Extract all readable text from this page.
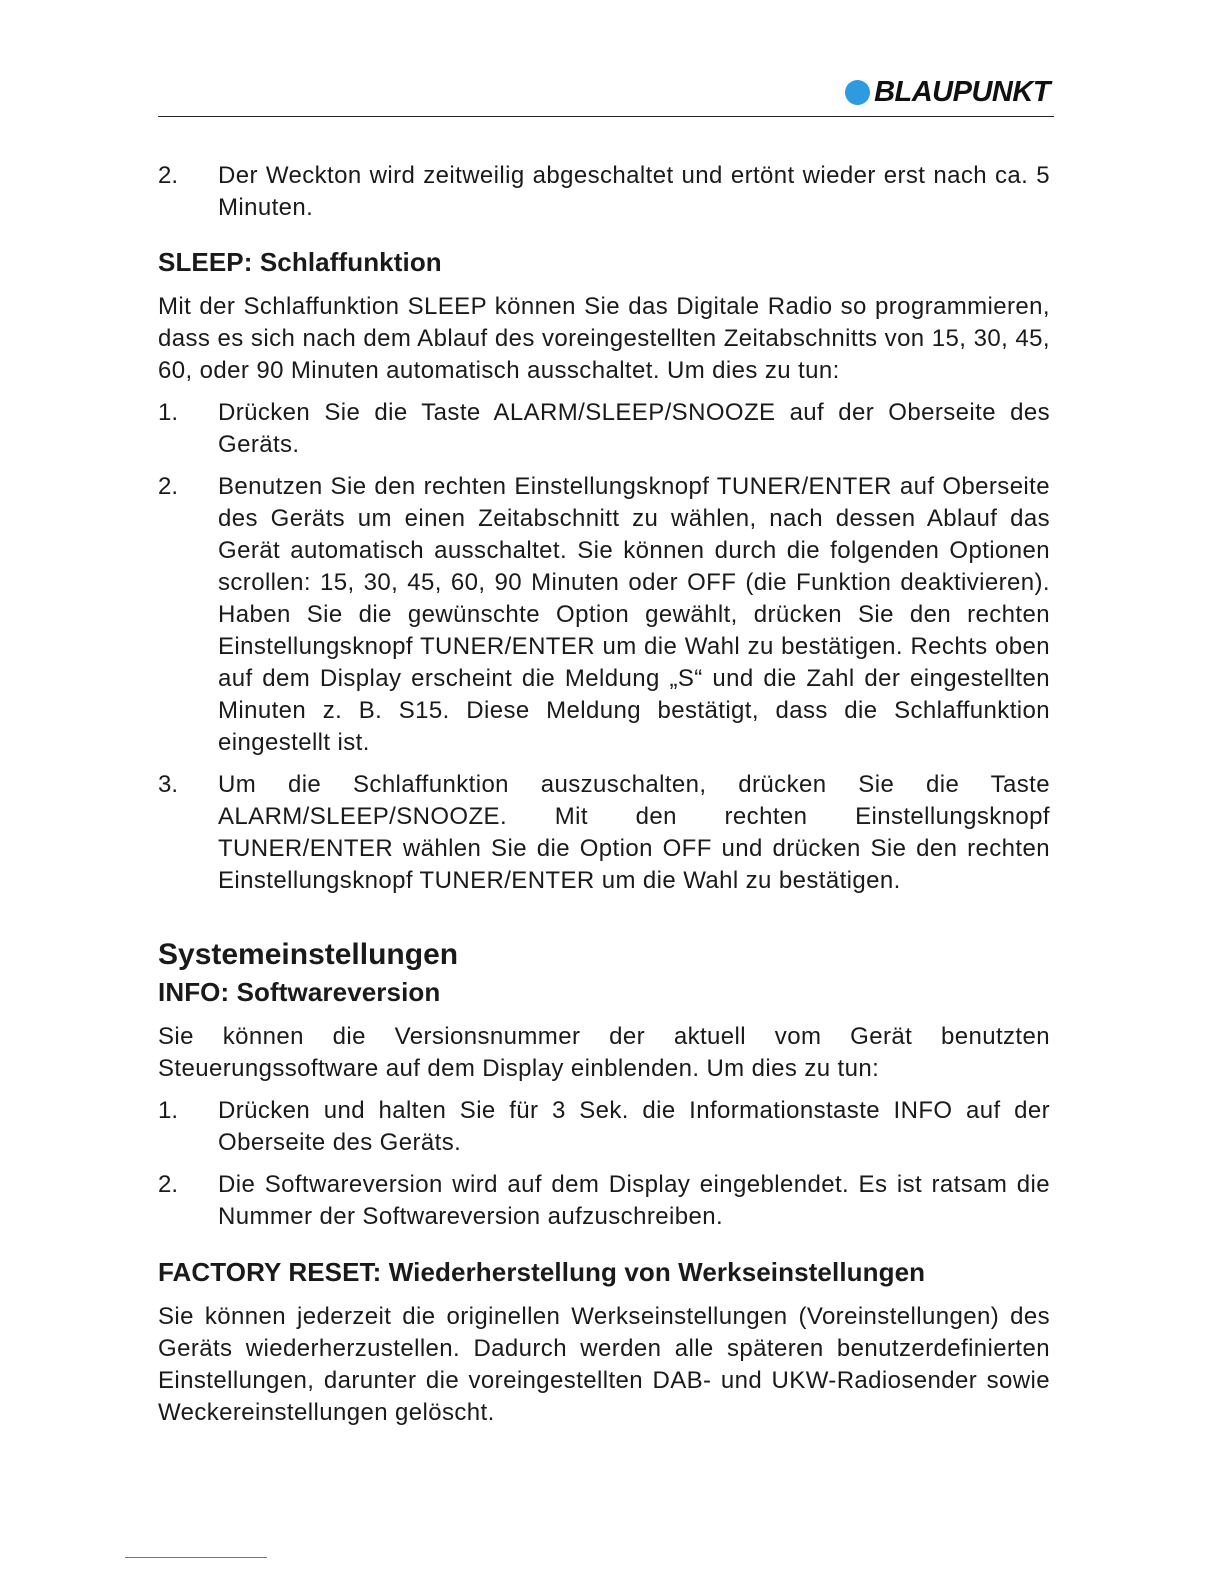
BLAUPUNKT
2.	Der Weckton wird zeitweilig abgeschaltet und ertönt wieder erst nach ca. 5 Minuten.
SLEEP: Schlaffunktion

Mit der Schlaffunktion SLEEP können Sie das Digitale Radio so programmieren, dass es sich nach dem Ablauf des voreingestellten Zeitabschnitts von 15, 30, 45, 60, oder 90 Minuten automatisch ausschaltet. Um dies zu tun:

1.	Drücken Sie die Taste ALARM/SLEEP/SNOOZE auf der Oberseite des Geräts.
2.	Benutzen Sie den rechten Einstellungsknopf TUNER/ENTER auf Oberseite des Geräts um einen Zeitabschnitt zu wählen, nach dessen Ablauf das Gerät automatisch ausschaltet. Sie können durch die folgenden Optionen scrollen: 15, 30, 45, 60, 90 Minuten oder OFF (die Funktion deaktivieren). Haben Sie die gewünschte Option gewählt, drücken Sie den rechten Einstellungsknopf TUNER/ENTER um die Wahl zu bestätigen. Rechts oben auf dem Display erscheint die Meldung „S“ und die Zahl der eingestellten Minuten z. B. S15. Diese Meldung bestätigt, dass die Schlaffunktion eingestellt ist.
3.	Um die Schlaffunktion auszuschalten, drücken Sie die Taste ALARM/SLEEP/SNOOZE. Mit den rechten Einstellungsknopf TUNER/ENTER wählen Sie die Option OFF und drücken Sie den rechten Einstellungsknopf TUNER/ENTER um die Wahl zu bestätigen.
Systemeinstellungen
INFO: Softwareversion

Sie können die Versionsnummer der aktuell vom Gerät benutzten Steuerungssoftware auf dem Display einblenden. Um dies zu tun:

1.	Drücken und halten Sie für 3 Sek. die Informationstaste INFO auf der Oberseite des Geräts.
2.	Die Softwareversion wird auf dem Display eingeblendet. Es ist ratsam die Nummer der Softwareversion aufzuschreiben.
FACTORY RESET: Wiederherstellung von Werkseinstellungen

Sie können jederzeit die originellen Werkseinstellungen (Voreinstellungen) des Geräts wiederherzustellen. Dadurch werden alle späteren benutzerdefinierten Einstellungen, darunter die voreingestellten DAB- und UKW-Radiosender sowie Weckereinstellungen gelöscht.
